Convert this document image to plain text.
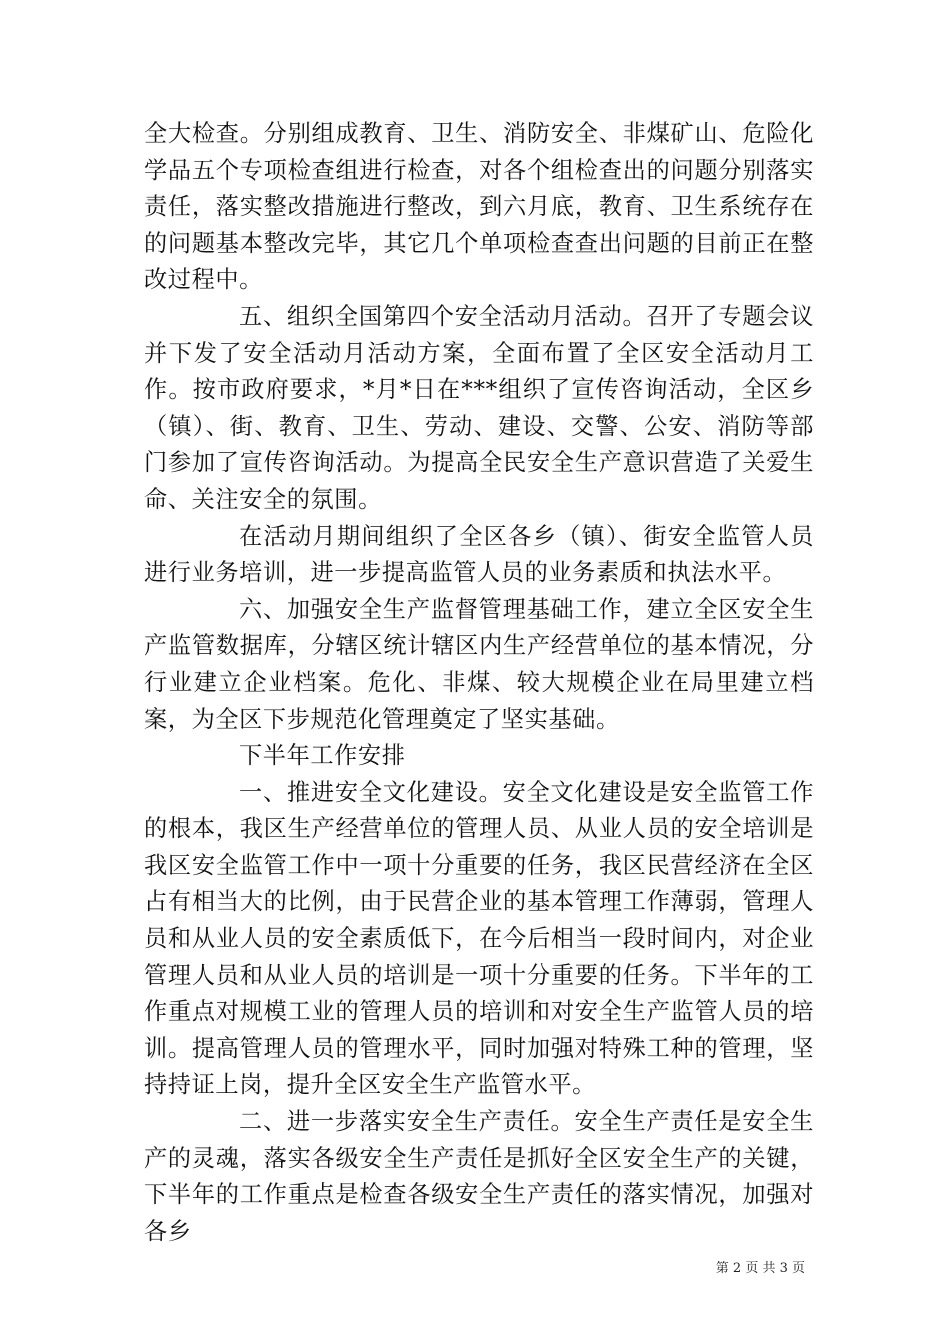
全大检查。分别组成教育、卫生、消防安全、非煤矿山、危险化学品五个专项检查组进行检查，对各个组检查出的问题分别落实责任，落实整改措施进行整改，到六月底，教育、卫生系统存在的问题基本整改完毕，其它几个单项检查查出问题的目前正在整改过程中。

五、组织全国第四个安全活动月活动。召开了专题会议并下发了安全活动月活动方案，全面布置了全区安全活动月工作。按市政府要求，*月*日在***组织了宣传咨询活动，全区乡（镇）、街、教育、卫生、劳动、建设、交警、公安、消防等部门参加了宣传咨询活动。为提高全民安全生产意识营造了关爱生命、关注安全的氛围。

在活动月期间组织了全区各乡（镇）、街安全监管人员进行业务培训，进一步提高监管人员的业务素质和执法水平。

六、加强安全生产监督管理基础工作，建立全区安全生产监管数据库，分辖区统计辖区内生产经营单位的基本情况，分行业建立企业档案。危化、非煤、较大规模企业在局里建立档案，为全区下步规范化管理奠定了坚实基础。

下半年工作安排

一、推进安全文化建设。安全文化建设是安全监管工作的根本，我区生产经营单位的管理人员、从业人员的安全培训是我区安全监管工作中一项十分重要的任务，我区民营经济在全区占有相当大的比例，由于民营企业的基本管理工作薄弱，管理人员和从业人员的安全素质低下，在今后相当一段时间内，对企业管理人员和从业人员的培训是一项十分重要的任务。下半年的工作重点对规模工业的管理人员的培训和对安全生产监管人员的培训。提高管理人员的管理水平，同时加强对特殊工种的管理，坚持持证上岗，提升全区安全生产监管水平。

二、进一步落实安全生产责任。安全生产责任是安全生产的灵魂，落实各级安全生产责任是抓好全区安全生产的关键，下半年的工作重点是检查各级安全生产责任的落实情况，加强对各乡

第 2 页 共 3 页
